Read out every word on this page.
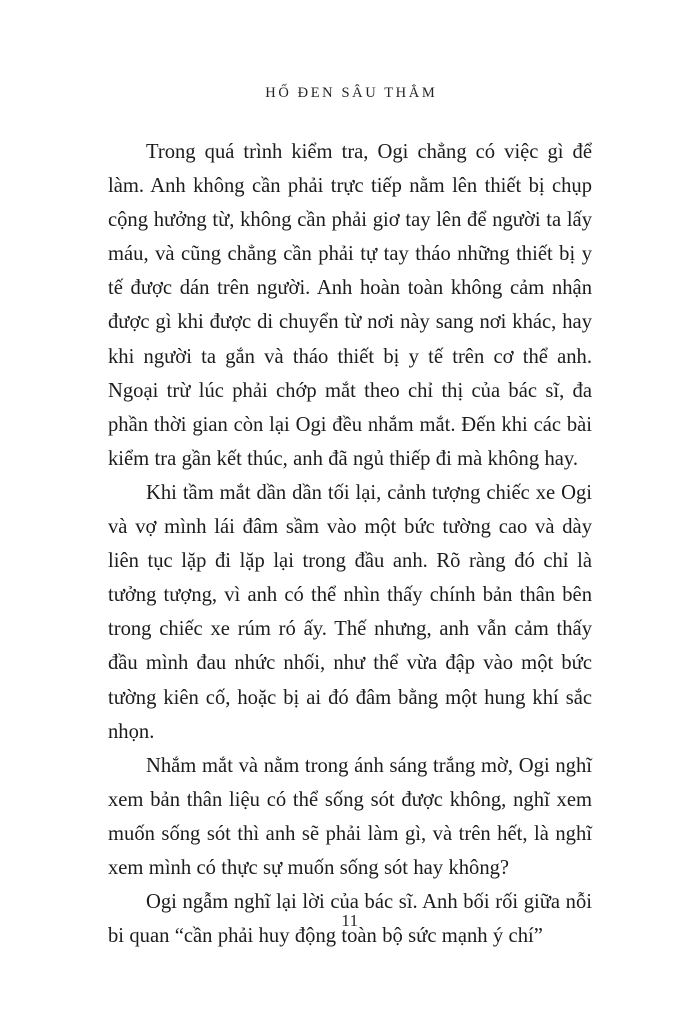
HỐ ĐEN SÂU THẲM

Trong quá trình kiểm tra, Ogi chẳng có việc gì để làm. Anh không cần phải trực tiếp nằm lên thiết bị chụp cộng hưởng từ, không cần phải giơ tay lên để người ta lấy máu, và cũng chẳng cần phải tự tay tháo những thiết bị y tế được dán trên người. Anh hoàn toàn không cảm nhận được gì khi được di chuyển từ nơi này sang nơi khác, hay khi người ta gắn và tháo thiết bị y tế trên cơ thể anh. Ngoại trừ lúc phải chớp mắt theo chỉ thị của bác sĩ, đa phần thời gian còn lại Ogi đều nhắm mắt. Đến khi các bài kiểm tra gần kết thúc, anh đã ngủ thiếp đi mà không hay.

Khi tầm mắt dần dần tối lại, cảnh tượng chiếc xe Ogi và vợ mình lái đâm sầm vào một bức tường cao và dày liên tục lặp đi lặp lại trong đầu anh. Rõ ràng đó chỉ là tưởng tượng, vì anh có thể nhìn thấy chính bản thân bên trong chiếc xe rúm ró ấy. Thế nhưng, anh vẫn cảm thấy đầu mình đau nhức nhối, như thể vừa đập vào một bức tường kiên cố, hoặc bị ai đó đâm bằng một hung khí sắc nhọn.

Nhắm mắt và nằm trong ánh sáng trắng mờ, Ogi nghĩ xem bản thân liệu có thể sống sót được không, nghĩ xem muốn sống sót thì anh sẽ phải làm gì, và trên hết, là nghĩ xem mình có thực sự muốn sống sót hay không?

Ogi ngẫm nghĩ lại lời của bác sĩ. Anh bối rối giữa nỗi bi quan “cần phải huy động toàn bộ sức mạnh ý chí”

11
